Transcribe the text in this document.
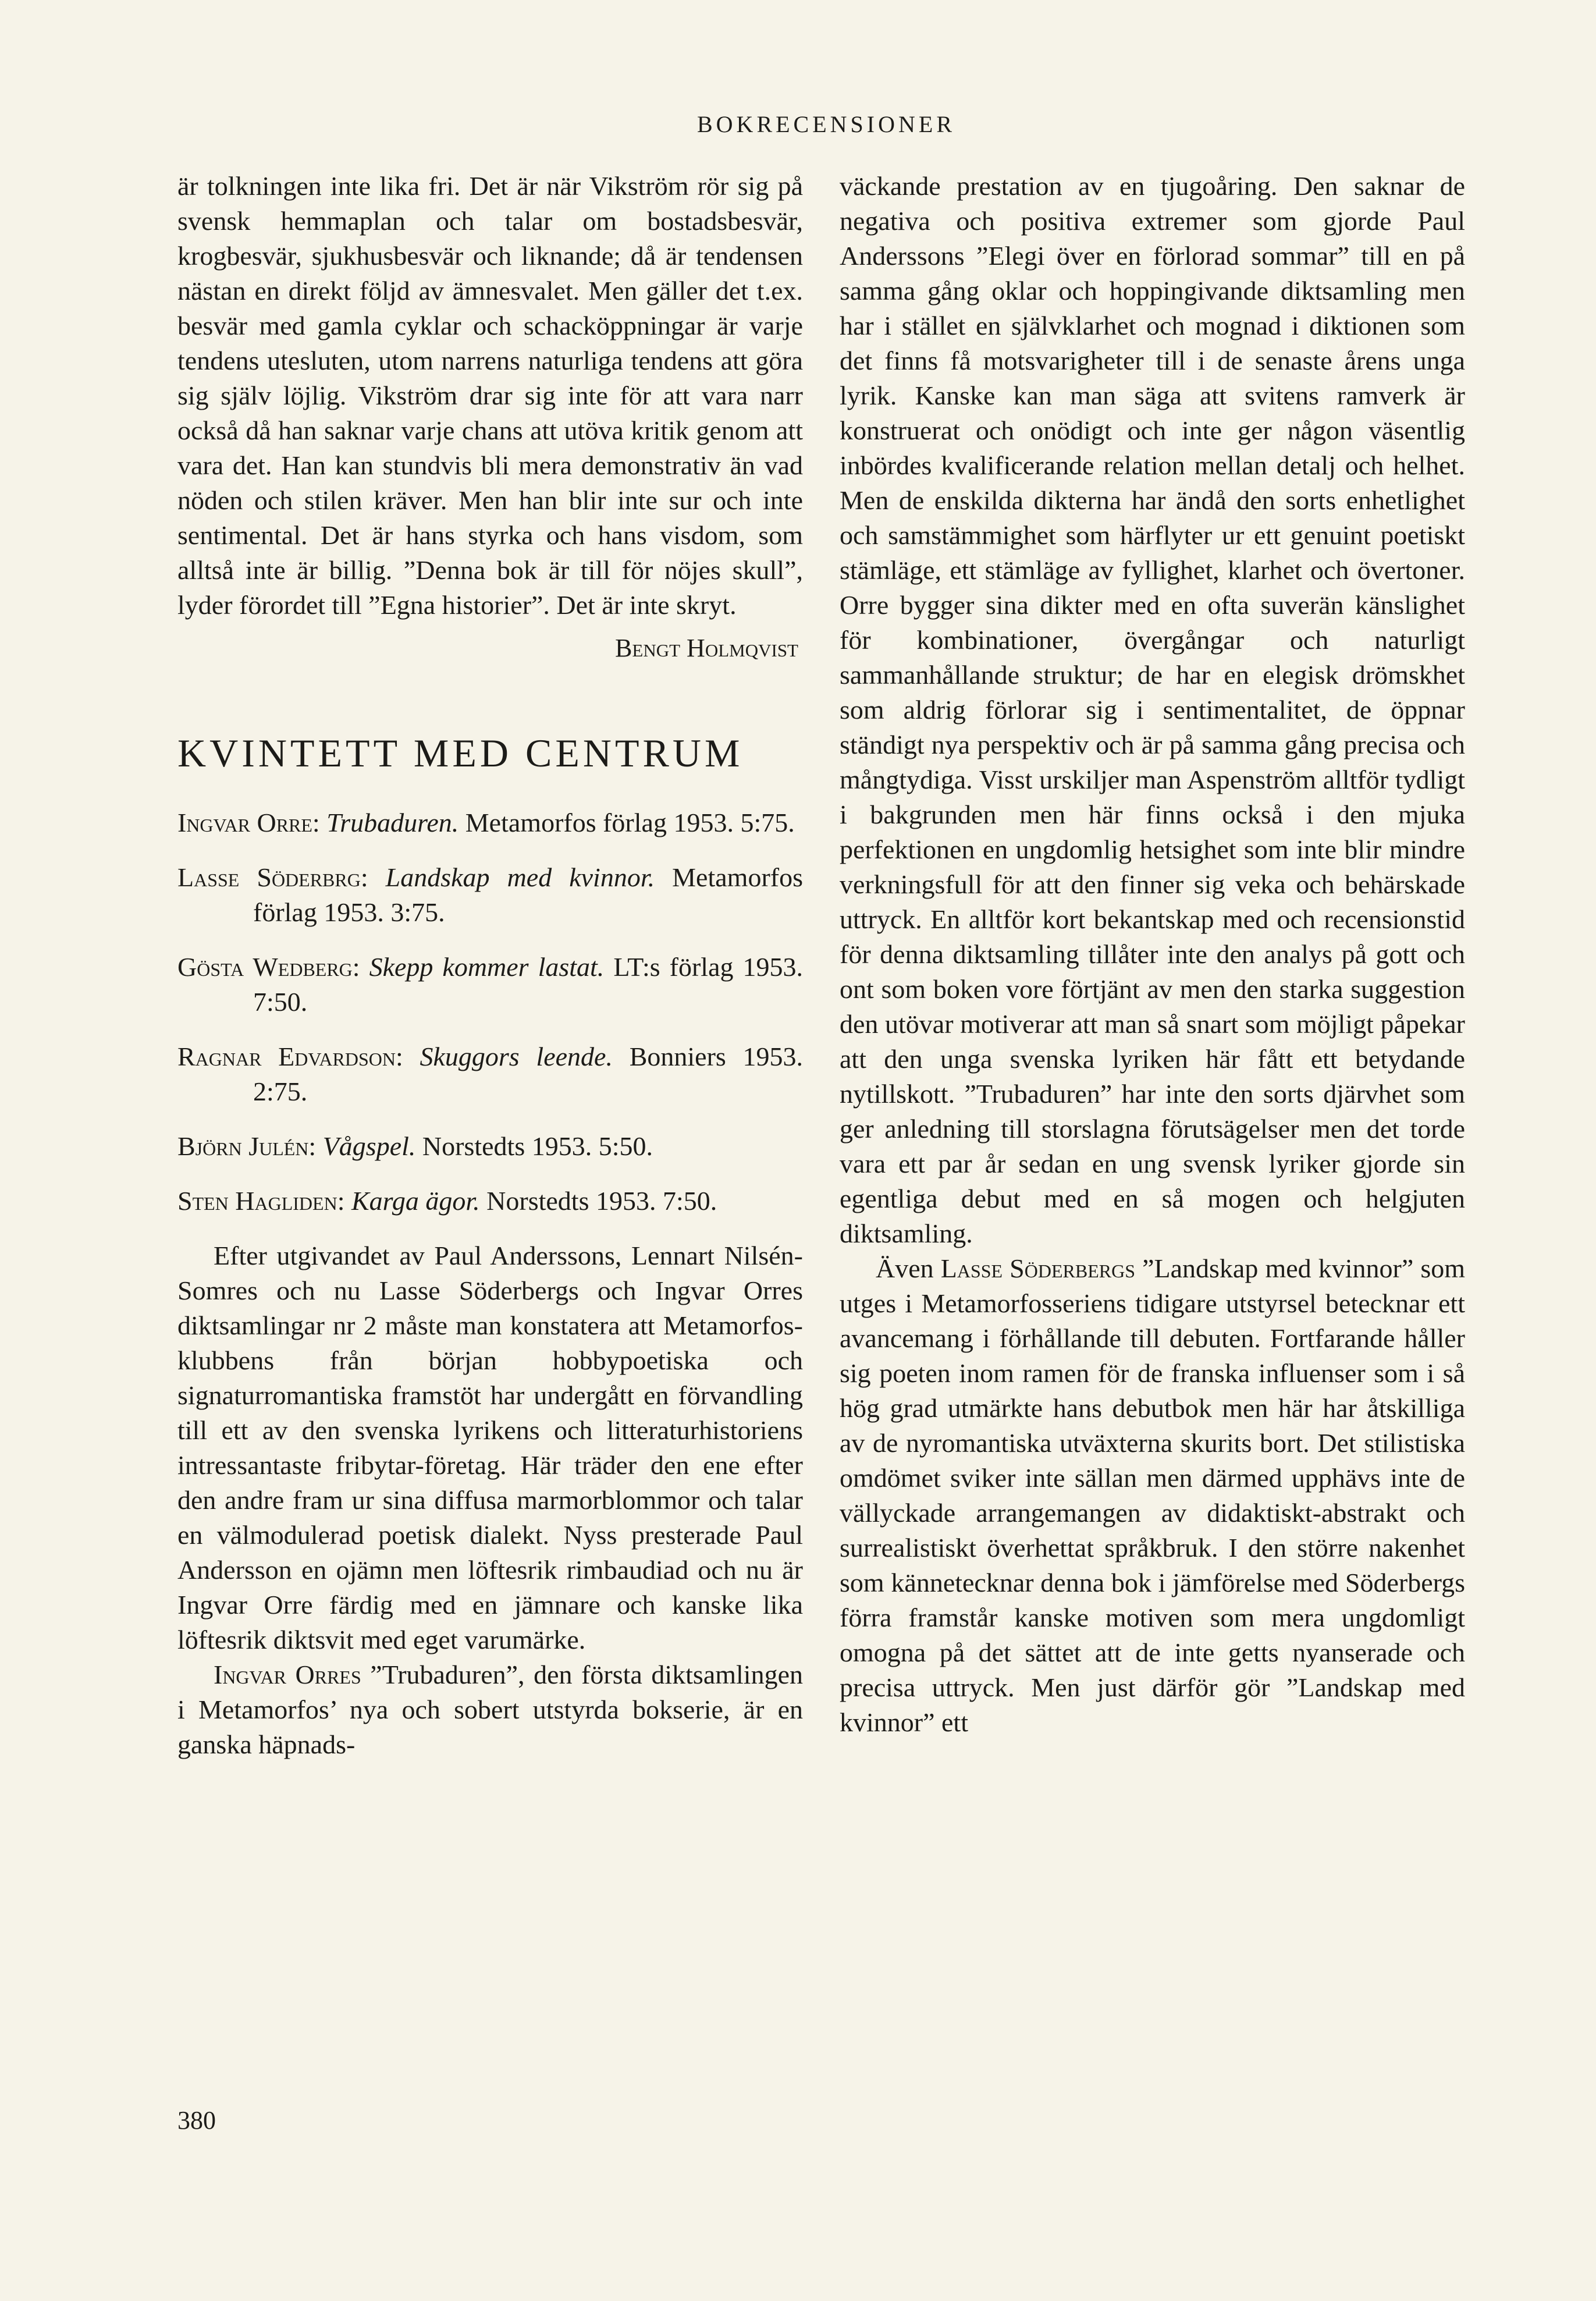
BOKRECENSIONER

är tolkningen inte lika fri. Det är när Vikström rör sig på svensk hemmaplan och talar om bostadsbesvär, krogbesvär, sjukhusbesvär och liknande; då är tendensen nästan en direkt följd av ämnesvalet. Men gäller det t.ex. besvär med gamla cyklar och schacköppningar är varje tendens utesluten, utom narrens naturliga tendens att göra sig själv löjlig. Vikström drar sig inte för att vara narr också då han saknar varje chans att utöva kritik genom att vara det. Han kan stundvis bli mera demonstrativ än vad nöden och stilen kräver. Men han blir inte sur och inte sentimental. Det är hans styrka och hans visdom, som alltså inte är billig. ”Denna bok är till för nöjes skull”, lyder förordet till ”Egna historier”. Det är inte skryt.

Bengt Holmqvist
KVINTETT MED CENTRUM
Ingvar Orre: Trubaduren. Metamorfos förlag 1953. 5:75.
Lasse Söderbrg: Landskap med kvinnor. Metamorfos förlag 1953. 3:75.
Gösta Wedberg: Skepp kommer lastat. LT:s förlag 1953. 7:50.
Ragnar Edvardson: Skuggors leende. Bonniers 1953. 2:75.
Björn Julén: Vågspel. Norstedts 1953. 5:50.
Sten Hagliden: Karga ägor. Norstedts 1953. 7:50.

Efter utgivandet av Paul Anderssons, Lennart Nilsén-Somres och nu Lasse Söderbergs och Ingvar Orres diktsamlingar nr 2 måste man konstatera att Metamorfos-klubbens från början hobbypoetiska och signaturromantiska framstöt har undergått en förvandling till ett av den svenska lyrikens och litteraturhistoriens intressantaste fribytar-företag. Här träder den ene efter den andre fram ur sina diffusa marmorblommor och talar en välmodulerad poetisk dialekt. Nyss presterade Paul Andersson en ojämn men löftesrik rimbaudiad och nu är Ingvar Orre färdig med en jämnare och kanske lika löftesrik diktsvit med eget varumärke.

Ingvar Orres ”Trubaduren”, den första diktsamlingen i Metamorfos’ nya och sobert utstyrda bokserie, är en ganska häpnads-

väckande prestation av en tjugoåring. Den saknar de negativa och positiva extremer som gjorde Paul Anderssons ”Elegi över en förlorad sommar” till en på samma gång oklar och hoppingivande diktsamling men har i stället en självklarhet och mognad i diktionen som det finns få motsvarigheter till i de senaste årens unga lyrik. Kanske kan man säga att svitens ramverk är konstruerat och onödigt och inte ger någon väsentlig inbördes kvalificerande relation mellan detalj och helhet. Men de enskilda dikterna har ändå den sorts enhetlighet och samstämmighet som härflyter ur ett genuint poetiskt stämläge, ett stämläge av fyllighet, klarhet och övertoner. Orre bygger sina dikter med en ofta suverän känslighet för kombinationer, övergångar och naturligt sammanhållande struktur; de har en elegisk drömskhet som aldrig förlorar sig i sentimentalitet, de öppnar ständigt nya perspektiv och är på samma gång precisa och mångtydiga. Visst urskiljer man Aspenström alltför tydligt i bakgrunden men här finns också i den mjuka perfektionen en ungdomlig hetsighet som inte blir mindre verkningsfull för att den finner sig veka och behärskade uttryck. En alltför kort bekantskap med och recensionstid för denna diktsamling tillåter inte den analys på gott och ont som boken vore förtjänt av men den starka suggestion den utövar motiverar att man så snart som möjligt påpekar att den unga svenska lyriken här fått ett betydande nytillskott. ”Trubaduren” har inte den sorts djärvhet som ger anledning till storslagna förutsägelser men det torde vara ett par år sedan en ung svensk lyriker gjorde sin egentliga debut med en så mogen och helgjuten diktsamling.

Även Lasse Söderbergs ”Landskap med kvinnor” som utges i Metamorfosseriens tidigare utstyrsel betecknar ett avancemang i förhållande till debuten. Fortfarande håller sig poeten inom ramen för de franska influenser som i så hög grad utmärkte hans debutbok men här har åtskilliga av de nyromantiska utväxterna skurits bort. Det stilistiska omdömet sviker inte sällan men därmed upphävs inte de vällyckade arrangemangen av didaktiskt-abstrakt och surrealistiskt överhettat språkbruk. I den större nakenhet som kännetecknar denna bok i jämförelse med Söderbergs förra framstår kanske motiven som mera ungdomligt omogna på det sättet att de inte getts nyanserade och precisa uttryck. Men just därför gör ”Landskap med kvinnor” ett

380
